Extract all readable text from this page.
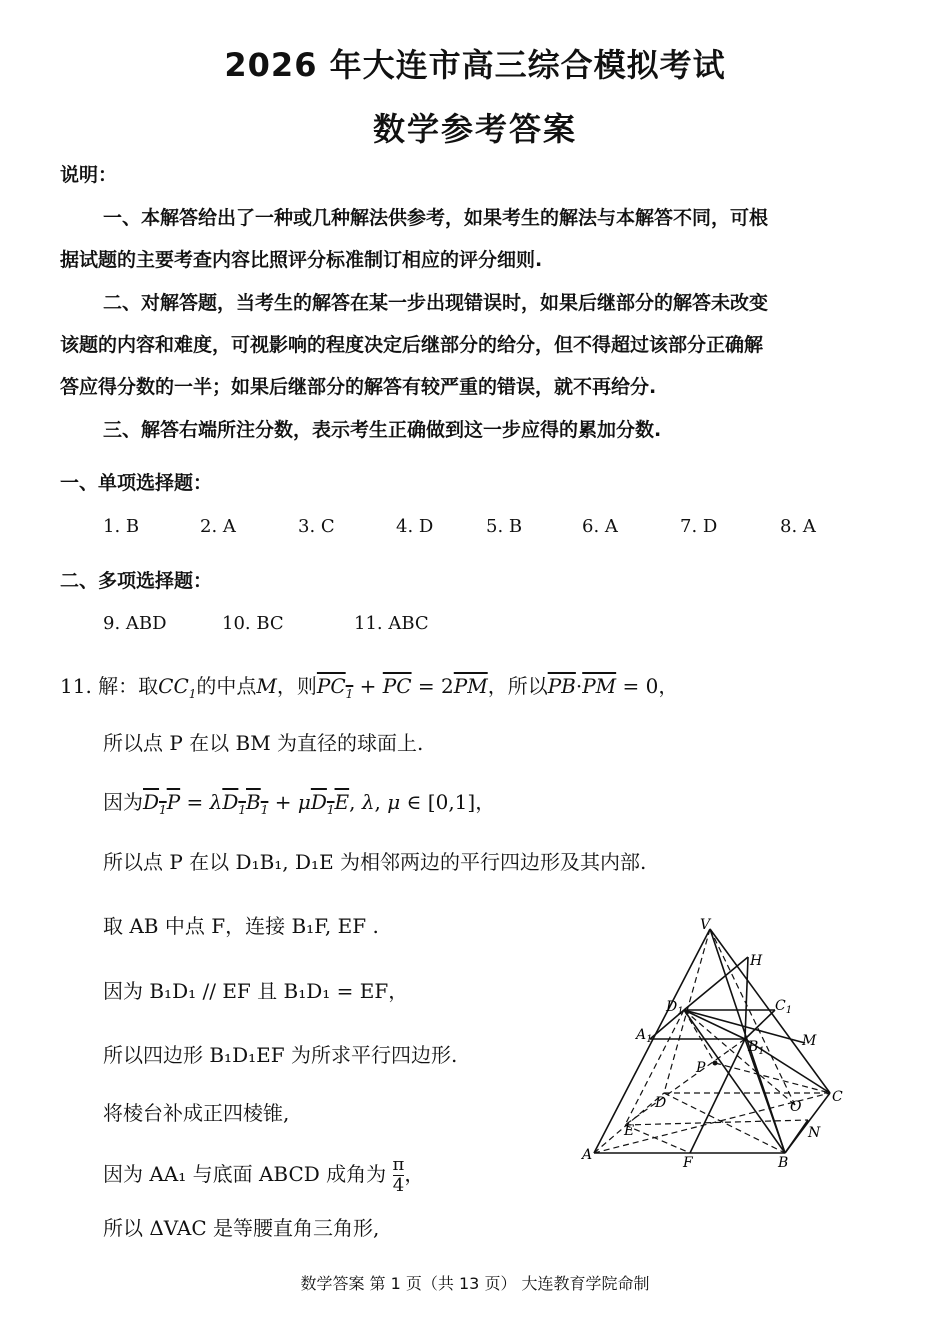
2026 年大连市高三综合模拟考试
数学参考答案
说明：
一、本解答给出了一种或几种解法供参考，如果考生的解法与本解答不同，可根
据试题的主要考查内容比照评分标准制订相应的评分细则.
二、对解答题，当考生的解答在某一步出现错误时，如果后继部分的解答未改变
该题的内容和难度，可视影响的程度决定后继部分的给分，但不得超过该部分正确解
答应得分数的一半；如果后继部分的解答有较严重的错误，就不再给分.
三、解答右端所注分数，表示考生正确做到这一步应得的累加分数.
一、单项选择题：
1. B	2. A	3. C	4. D	5. B	6. A	7. D	8. A
二、多项选择题：
9. ABD	10. BC	11. ABC
11. 解：取$CC_1$的中点M，则$PC_1 + \overline{PC} = 2\overline{PM}$，所以$\overline{PB}\cdot\overline{PM} = 0$，
所以点 P 在以 BM 为直径的球面上.
因为$D_1P = \lambda D_1B_1 + \mu D_1E$, λ, μ ∈ [0,1]，
所以点 P 在以 D₁B₁, D₁E 为相邻两边的平行四边形及其内部.
取 AB 中点 F，连接 B₁F, EF .
因为 B₁D₁ // EF 且 B₁D₁ = EF，
所以四边形 B₁D₁EF 为所求平行四边形.
将棱台补成正四棱锥,
因为 AA₁ 与底面 ABCD 成角为 $\frac{\pi}{4}$ ，
所以 ΔVAC 是等腰直角三角形,
V
H
$D_1$	$C_1$
$A_1$	M
$B_1$
P
D	C
O
E	N
A	F	B
数学答案 第 1 页（共 13 页） 大连教育学院命制
